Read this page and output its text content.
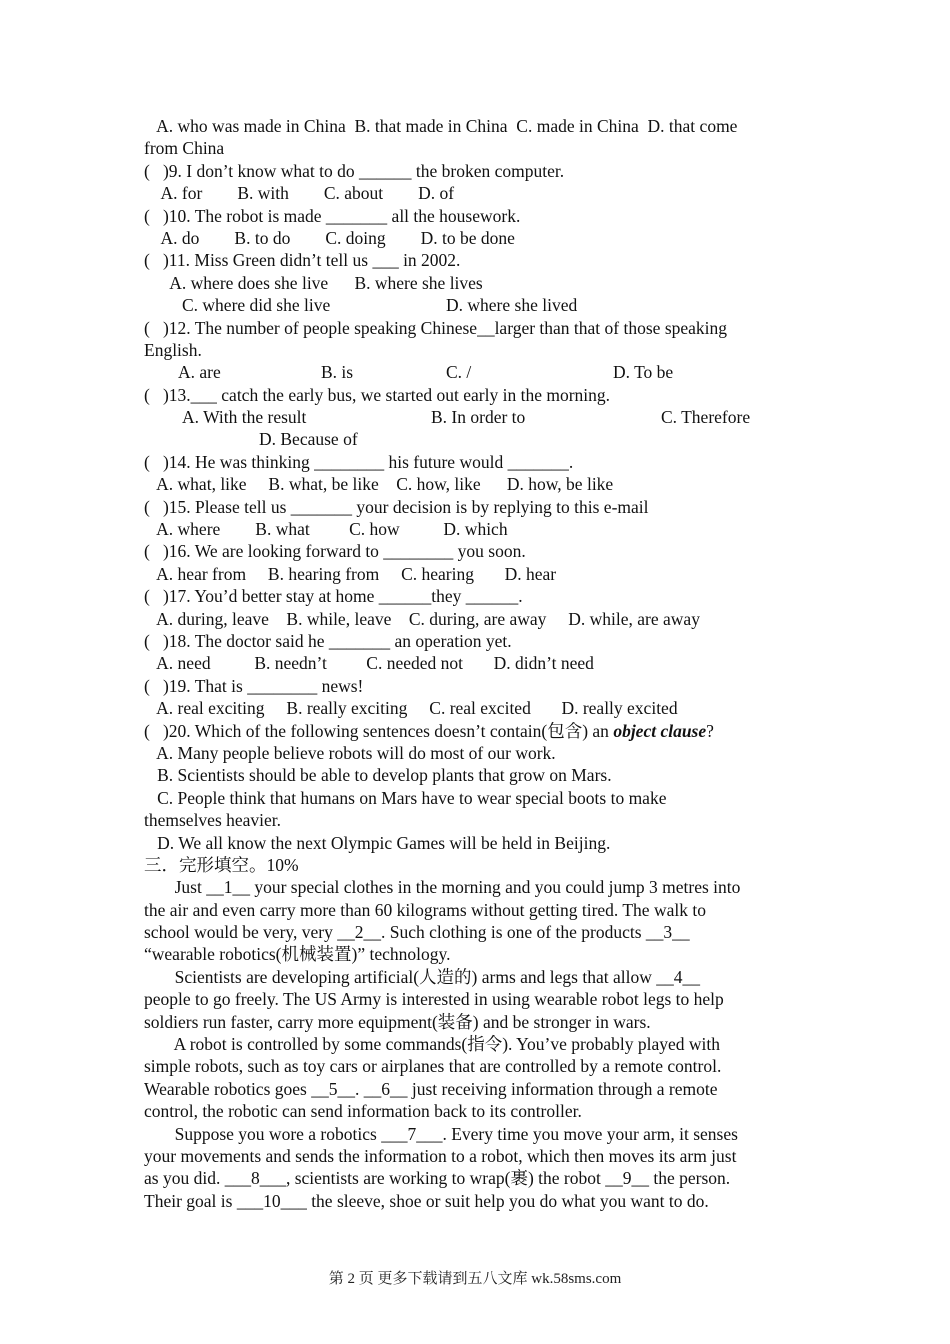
A. who was made in China  B. that made in China  C. made in China  D. that come
from China
(   )9. I don’t know what to do ______ the broken computer.
A. for        B. with        C. about        D. of
(   )10. The robot is made _______ all the housework.
A. do        B. to do        C. doing        D. to be done
(   )11. Miss Green didn’t tell us ___ in 2002.
A. where does she live      B. where she lives
C. where did she live	D. where she lived
(   )12. The number of people speaking Chinese__larger than that of those speaking
English.
A. are	B. is	C. /	D. To be
(   )13.___ catch the early bus, we started out early in the morning.
A. With the result	B. In order to	C. Therefore
D. Because of
(   )14. He was thinking ________ his future would _______.
A. what, like     B. what, be like    C. how, like      D. how, be like
(   )15. Please tell us _______ your decision is by replying to this e-mail
A. where        B. what         C. how          D. which
(   )16. We are looking forward to ________ you soon.
A. hear from     B. hearing from     C. hearing       D. hear
(   )17. You’d better stay at home ______they ______.
A. during, leave    B. while, leave    C. during, are away     D. while, are away
(   )18. The doctor said he _______ an operation yet.
A. need          B. needn’t         C. needed not       D. didn’t need
(   )19. That is ________ news!
A. real exciting     B. really exciting     C. real excited       D. really excited
(   )20. Which of the following sentences doesn’t contain(包含) an object clause?
A. Many people believe robots will do most of our work.
B. Scientists should be able to develop plants that grow on Mars.
C. People think that humans on Mars have to wear special boots to make
themselves heavier.
D. We all know the next Olympic Games will be held in Beijing.
三．完形填空。10%
Just __1__ your special clothes in the morning and you could jump 3 metres into
the air and even carry more than 60 kilograms without getting tired. The walk to
school would be very, very __2__. Such clothing is one of the products __3__
“wearable robotics(机械装置)” technology.
Scientists are developing artificial(人造的) arms and legs that allow __4__
people to go freely. The US Army is interested in using wearable robot legs to help
soldiers run faster, carry more equipment(装备) and be stronger in wars.
A robot is controlled by some commands(指令). You’ve probably played with
simple robots, such as toy cars or airplanes that are controlled by a remote control.
Wearable robotics goes __5__. __6__ just receiving information through a remote
control, the robotic can send information back to its controller.
Suppose you wore a robotics ___7___. Every time you move your arm, it senses
your movements and sends the information to a robot, which then moves its arm just
as you did. ___8___, scientists are working to wrap(裹) the robot __9__ the person.
Their goal is ___10___ the sleeve, shoe or suit help you do what you want to do.
第 2 页 更多下载请到五八文库 wk.58sms.com
